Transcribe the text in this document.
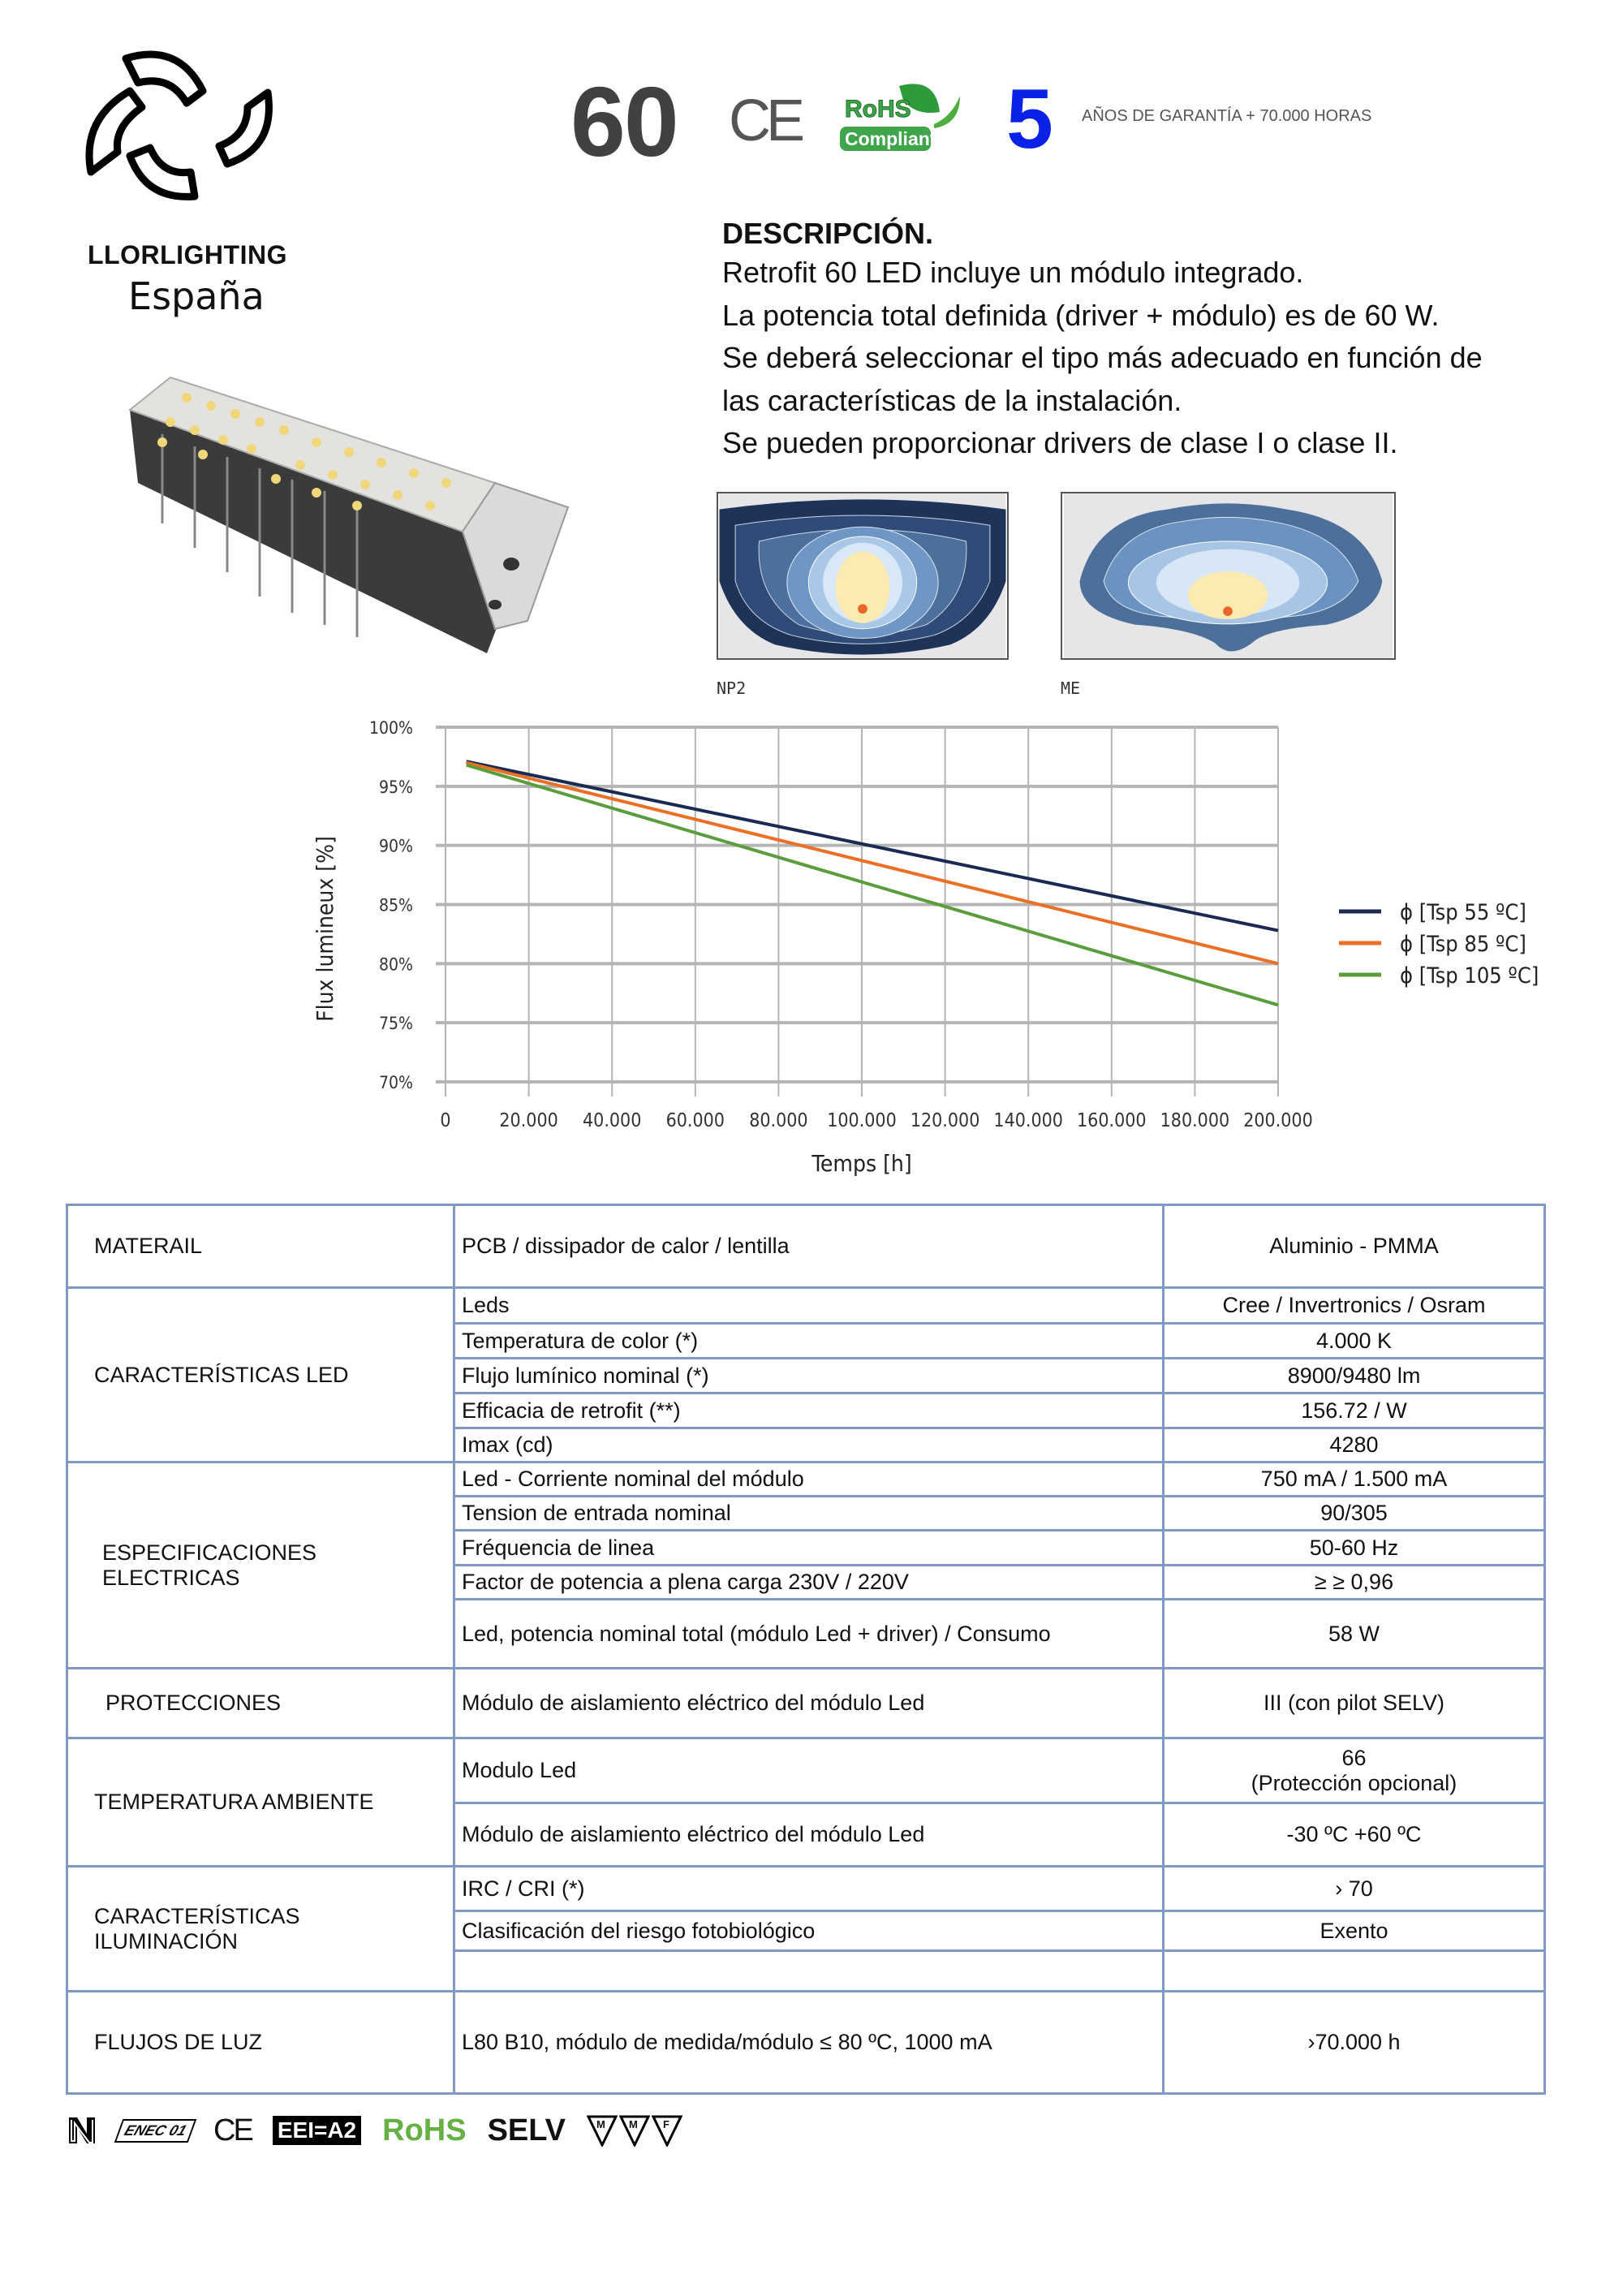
LLORLIGHTING
España
60 CE RoHS
Compliant 5 AÑOS DE GARANTÍA + 70.000 HORAS
DESCRIPCIÓN.

Retrofit 60 LED incluye un módulo integrado.

La potencia total definida (driver + módulo) es de 60 W.

Se deberá seleccionar el tipo más adecuado en función de

las características de la instalación.

Se pueden proporcionar drivers de clase I o clase II.

NP2	ME
0	20.000 40.000 60.000 80.000 100.000 120.000 140.000 160.000 180.000 200.000
100%
95%
90%
85%
80%
75%
70%
Temps [h]
Flux lumineux [%]	ϕ [Tsp 55 ºC]
ϕ [Tsp 85 ºC]
ϕ [Tsp 105 ºC]
MATERAIL	PCB / dissipador de calor / lentilla	Aluminio - PMMA
CARACTERÍSTICAS LED	Leds	Cree / Invertronics / Osram
	Temperatura de color (*)	4.000 K
	Flujo lumínico nominal (*)	8900/9480 lm
	Efficacia de retrofit (**)	156.72 / W
	Imax (cd)	4280
ESPECIFICACIONES
ELECTRICAS	Led - Corriente nominal del módulo	750 mA / 1.500 mA
	Tension de entrada nominal	90/305
	Fréquencia de linea	50-60 Hz
	Factor de potencia a plena carga 230V / 220V	≥ ≥ 0,96
	Led, potencia nominal total (módulo Led + driver) / Consumo	58 W
PROTECCIONES	Módulo de aislamiento eléctrico del módulo Led	III (con pilot SELV)
TEMPERATURA AMBIENTE	Modulo Led	66
(Protección opcional)
	Módulo de aislamiento eléctrico del módulo Led	-30 ºC +60 ºC
CARACTERÍSTICAS
ILUMINACIÓN	IRC / CRI (*)	› 70
	Clasificación del riesgo fotobiológico	Exento

FLUJOS DE LUZ	L80 B10, módulo de medida/módulo ≤ 80 ºC, 1000 mA	›70.000 h
ENEC 01 CE EEI=A2 RoHS SELV	M M F
